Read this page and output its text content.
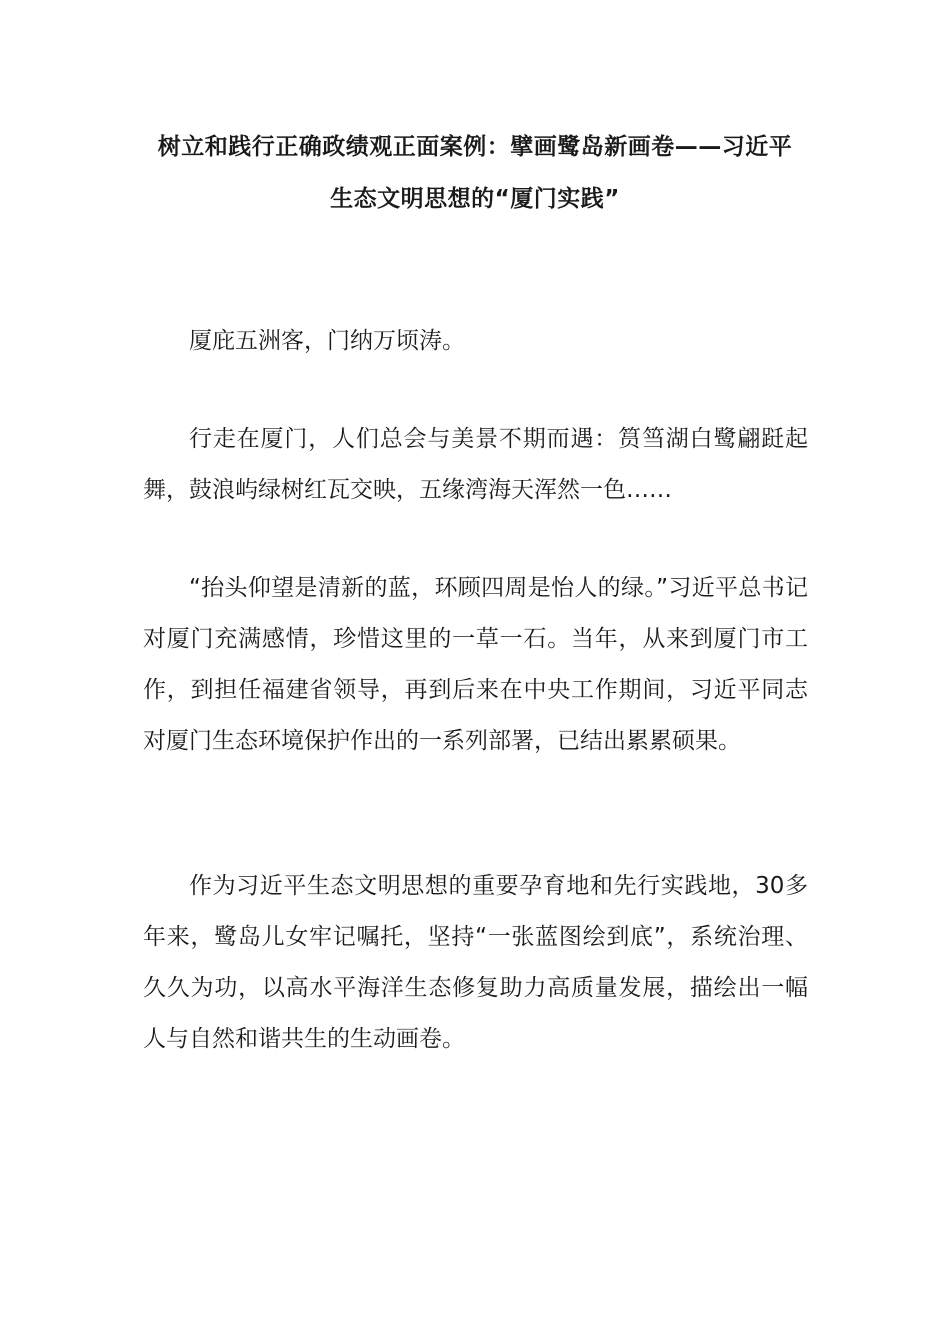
树立和践行正确政绩观正面案例：擘画鹭岛新画卷——习近平
生态文明思想的“厦门实践”

厦庇五洲客，门纳万顷涛。

行走在厦门，人们总会与美景不期而遇：筼筜湖白鹭翩跹起舞，鼓浪屿绿树红瓦交映，五缘湾海天浑然一色……

“抬头仰望是清新的蓝，环顾四周是怡人的绿。”习近平总书记对厦门充满感情，珍惜这里的一草一石。当年，从来到厦门市工作，到担任福建省领导，再到后来在中央工作期间，习近平同志对厦门生态环境保护作出的一系列部署，已结出累累硕果。

作为习近平生态文明思想的重要孕育地和先行实践地，30多年来，鹭岛儿女牢记嘱托，坚持“一张蓝图绘到底”，系统治理、久久为功，以高水平海洋生态修复助力高质量发展，描绘出一幅人与自然和谐共生的生动画卷。
